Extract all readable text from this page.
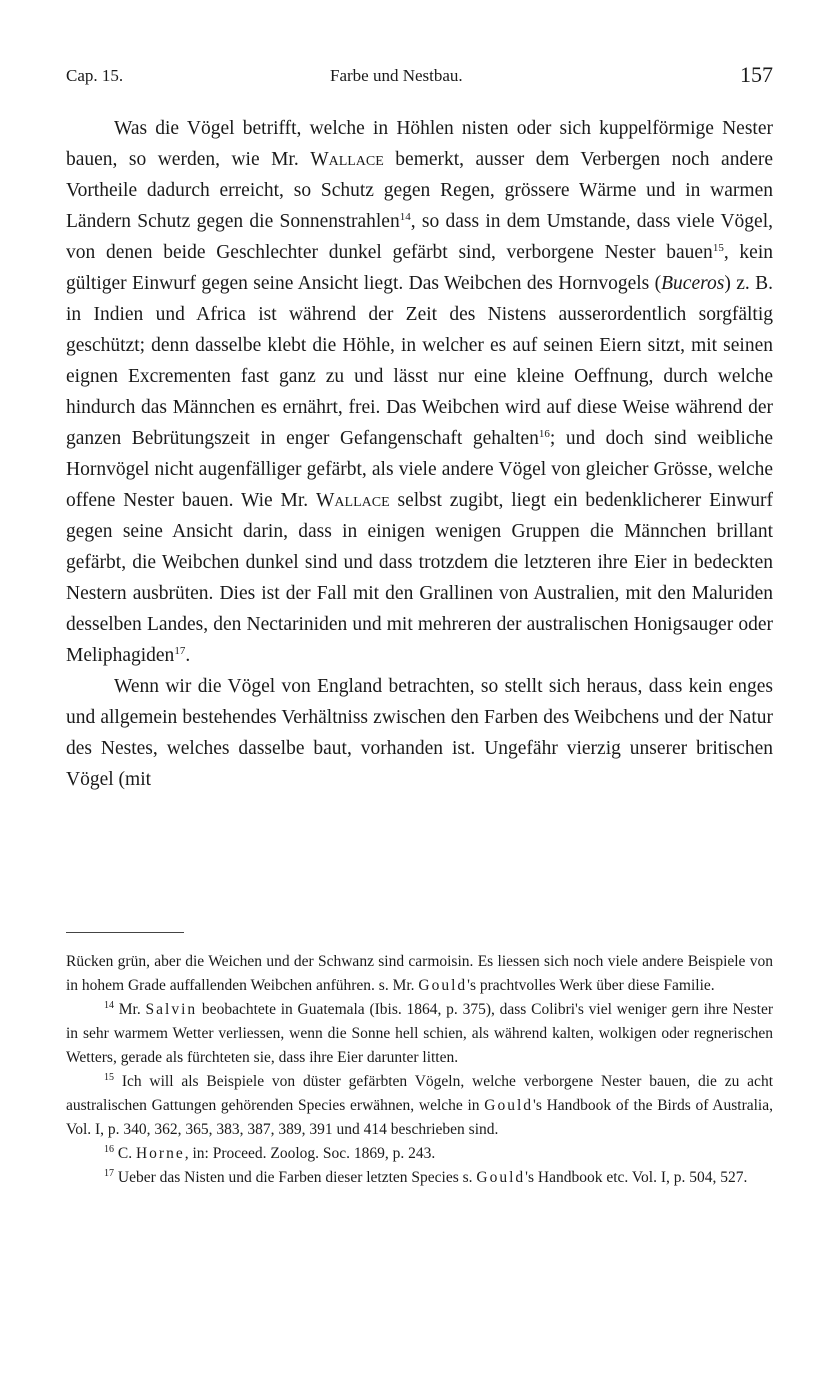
Cap. 15.	Farbe und Nestbau.	157

Was die Vögel betrifft, welche in Höhlen nisten oder sich kuppelförmige Nester bauen, so werden, wie Mr. Wallace bemerkt, ausser dem Verbergen noch andere Vortheile dadurch erreicht, so Schutz gegen Regen, grössere Wärme und in warmen Ländern Schutz gegen die Sonnenstrahlen$^{14}$, so dass in dem Umstande, dass viele Vögel, von denen beide Geschlechter dunkel gefärbt sind, verborgene Nester bauen$^{15}$, kein gültiger Einwurf gegen seine Ansicht liegt. Das Weibchen des Hornvogels (Buceros) z. B. in Indien und Africa ist während der Zeit des Nistens ausserordentlich sorgfältig geschützt; denn dasselbe klebt die Höhle, in welcher es auf seinen Eiern sitzt, mit seinen eignen Excrementen fast ganz zu und lässt nur eine kleine Oeffnung, durch welche hindurch das Männchen es ernährt, frei. Das Weibchen wird auf diese Weise während der ganzen Bebrütungszeit in enger Gefangenschaft gehalten$^{16}$; und doch sind weibliche Hornvögel nicht augenfälliger gefärbt, als viele andere Vögel von gleicher Grösse, welche offene Nester bauen. Wie Mr. Wallace selbst zugibt, liegt ein bedenklicherer Einwurf gegen seine Ansicht darin, dass in einigen wenigen Gruppen die Männchen brillant gefärbt, die Weibchen dunkel sind und dass trotzdem die letzteren ihre Eier in bedeckten Nestern ausbrüten. Dies ist der Fall mit den Grallinen von Australien, mit den Maluriden desselben Landes, den Nectariniden und mit mehreren der australischen Honigsauger oder Meliphagiden$^{17}$.

Wenn wir die Vögel von England betrachten, so stellt sich heraus, dass kein enges und allgemein bestehendes Verhältniss zwischen den Farben des Weibchens und der Natur des Nestes, welches dasselbe baut, vorhanden ist. Ungefähr vierzig unserer britischen Vögel (mit

Rücken grün, aber die Weichen und der Schwanz sind carmoisin. Es liessen sich noch viele andere Beispiele von in hohem Grade auffallenden Weibchen anführen. s. Mr. Gould's prachtvolles Werk über diese Familie.

$^{14}$ Mr. Salvin beobachtete in Guatemala (Ibis. 1864, p. 375), dass Colibri's viel weniger gern ihre Nester in sehr warmem Wetter verliessen, wenn die Sonne hell schien, als während kalten, wolkigen oder regnerischen Wetters, gerade als fürchteten sie, dass ihre Eier darunter litten.

$^{15}$ Ich will als Beispiele von düster gefärbten Vögeln, welche verborgene Nester bauen, die zu acht australischen Gattungen gehörenden Species erwähnen, welche in Gould's Handbook of the Birds of Australia, Vol. I, p. 340, 362, 365, 383, 387, 389, 391 und 414 beschrieben sind.

$^{16}$ C. Horne, in: Proceed. Zoolog. Soc. 1869, p. 243.

$^{17}$ Ueber das Nisten und die Farben dieser letzten Species s. Gould's Handbook etc. Vol. I, p. 504, 527.
